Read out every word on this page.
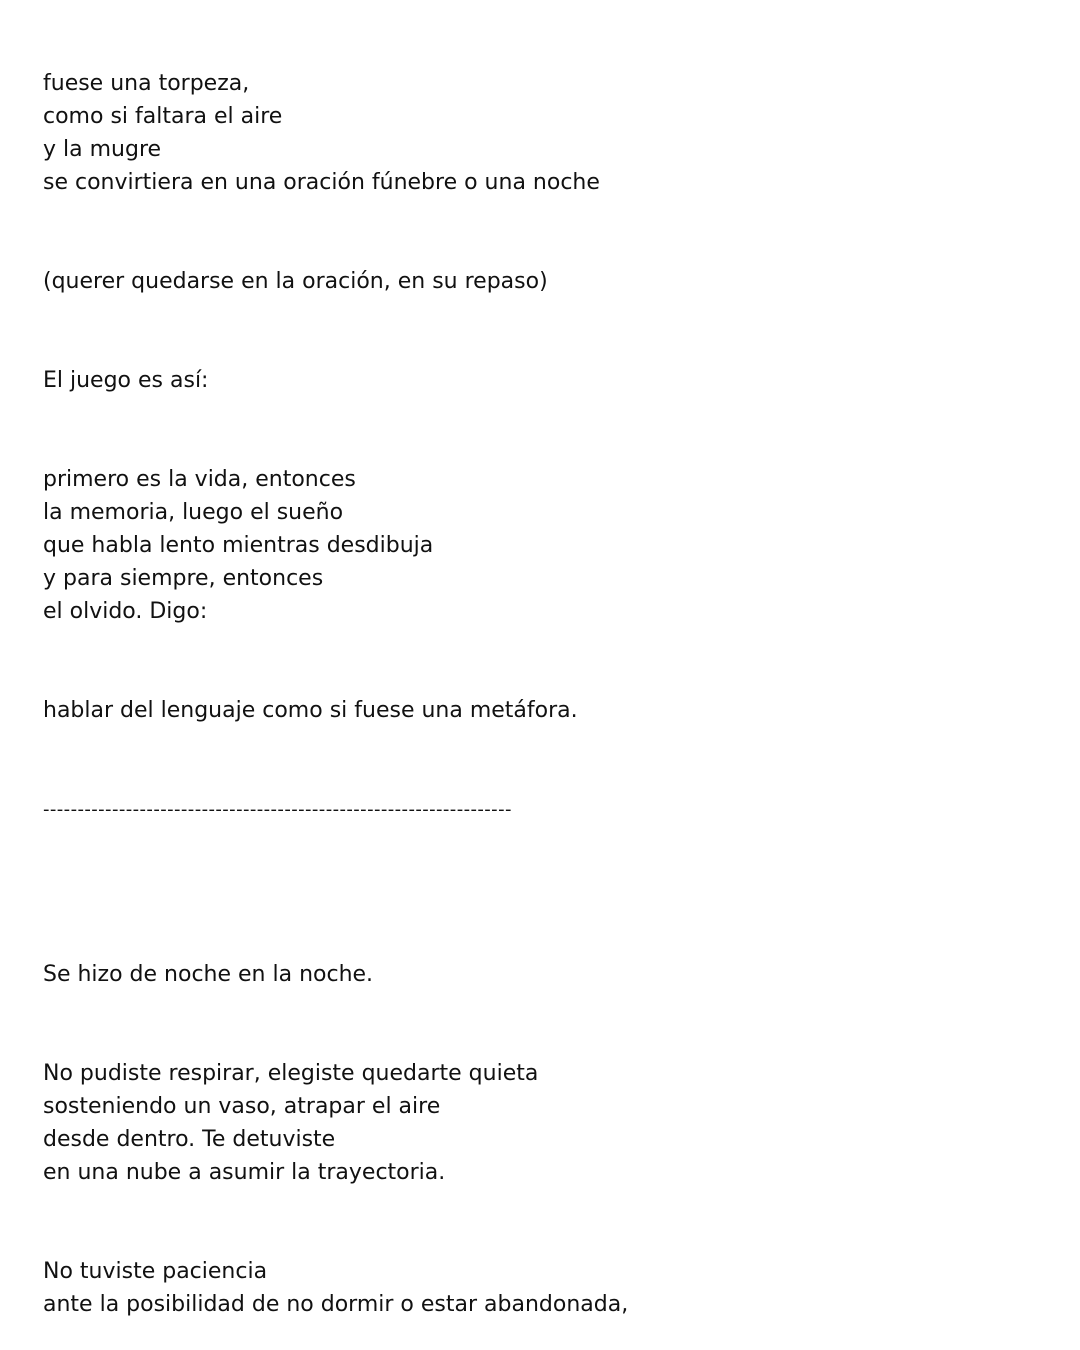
fuese una torpeza,
como si faltara el aire
y la mugre
se convirtiera en una oración fúnebre o una noche
(querer quedarse en la oración, en su repaso)
El juego es así:
primero es la vida, entonces
la memoria, luego el sueño
que habla lento mientras desdibuja
y para siempre, entonces
el olvido. Digo:
hablar del lenguaje como si fuese una metáfora.
--------------------------------------------------------------------
Se hizo de noche en la noche.
No pudiste respirar, elegiste quedarte quieta
sosteniendo un vaso, atrapar el aire
desde dentro. Te detuviste
en una nube a asumir la trayectoria.
No tuviste paciencia
ante la posibilidad de no dormir o estar abandonada,
